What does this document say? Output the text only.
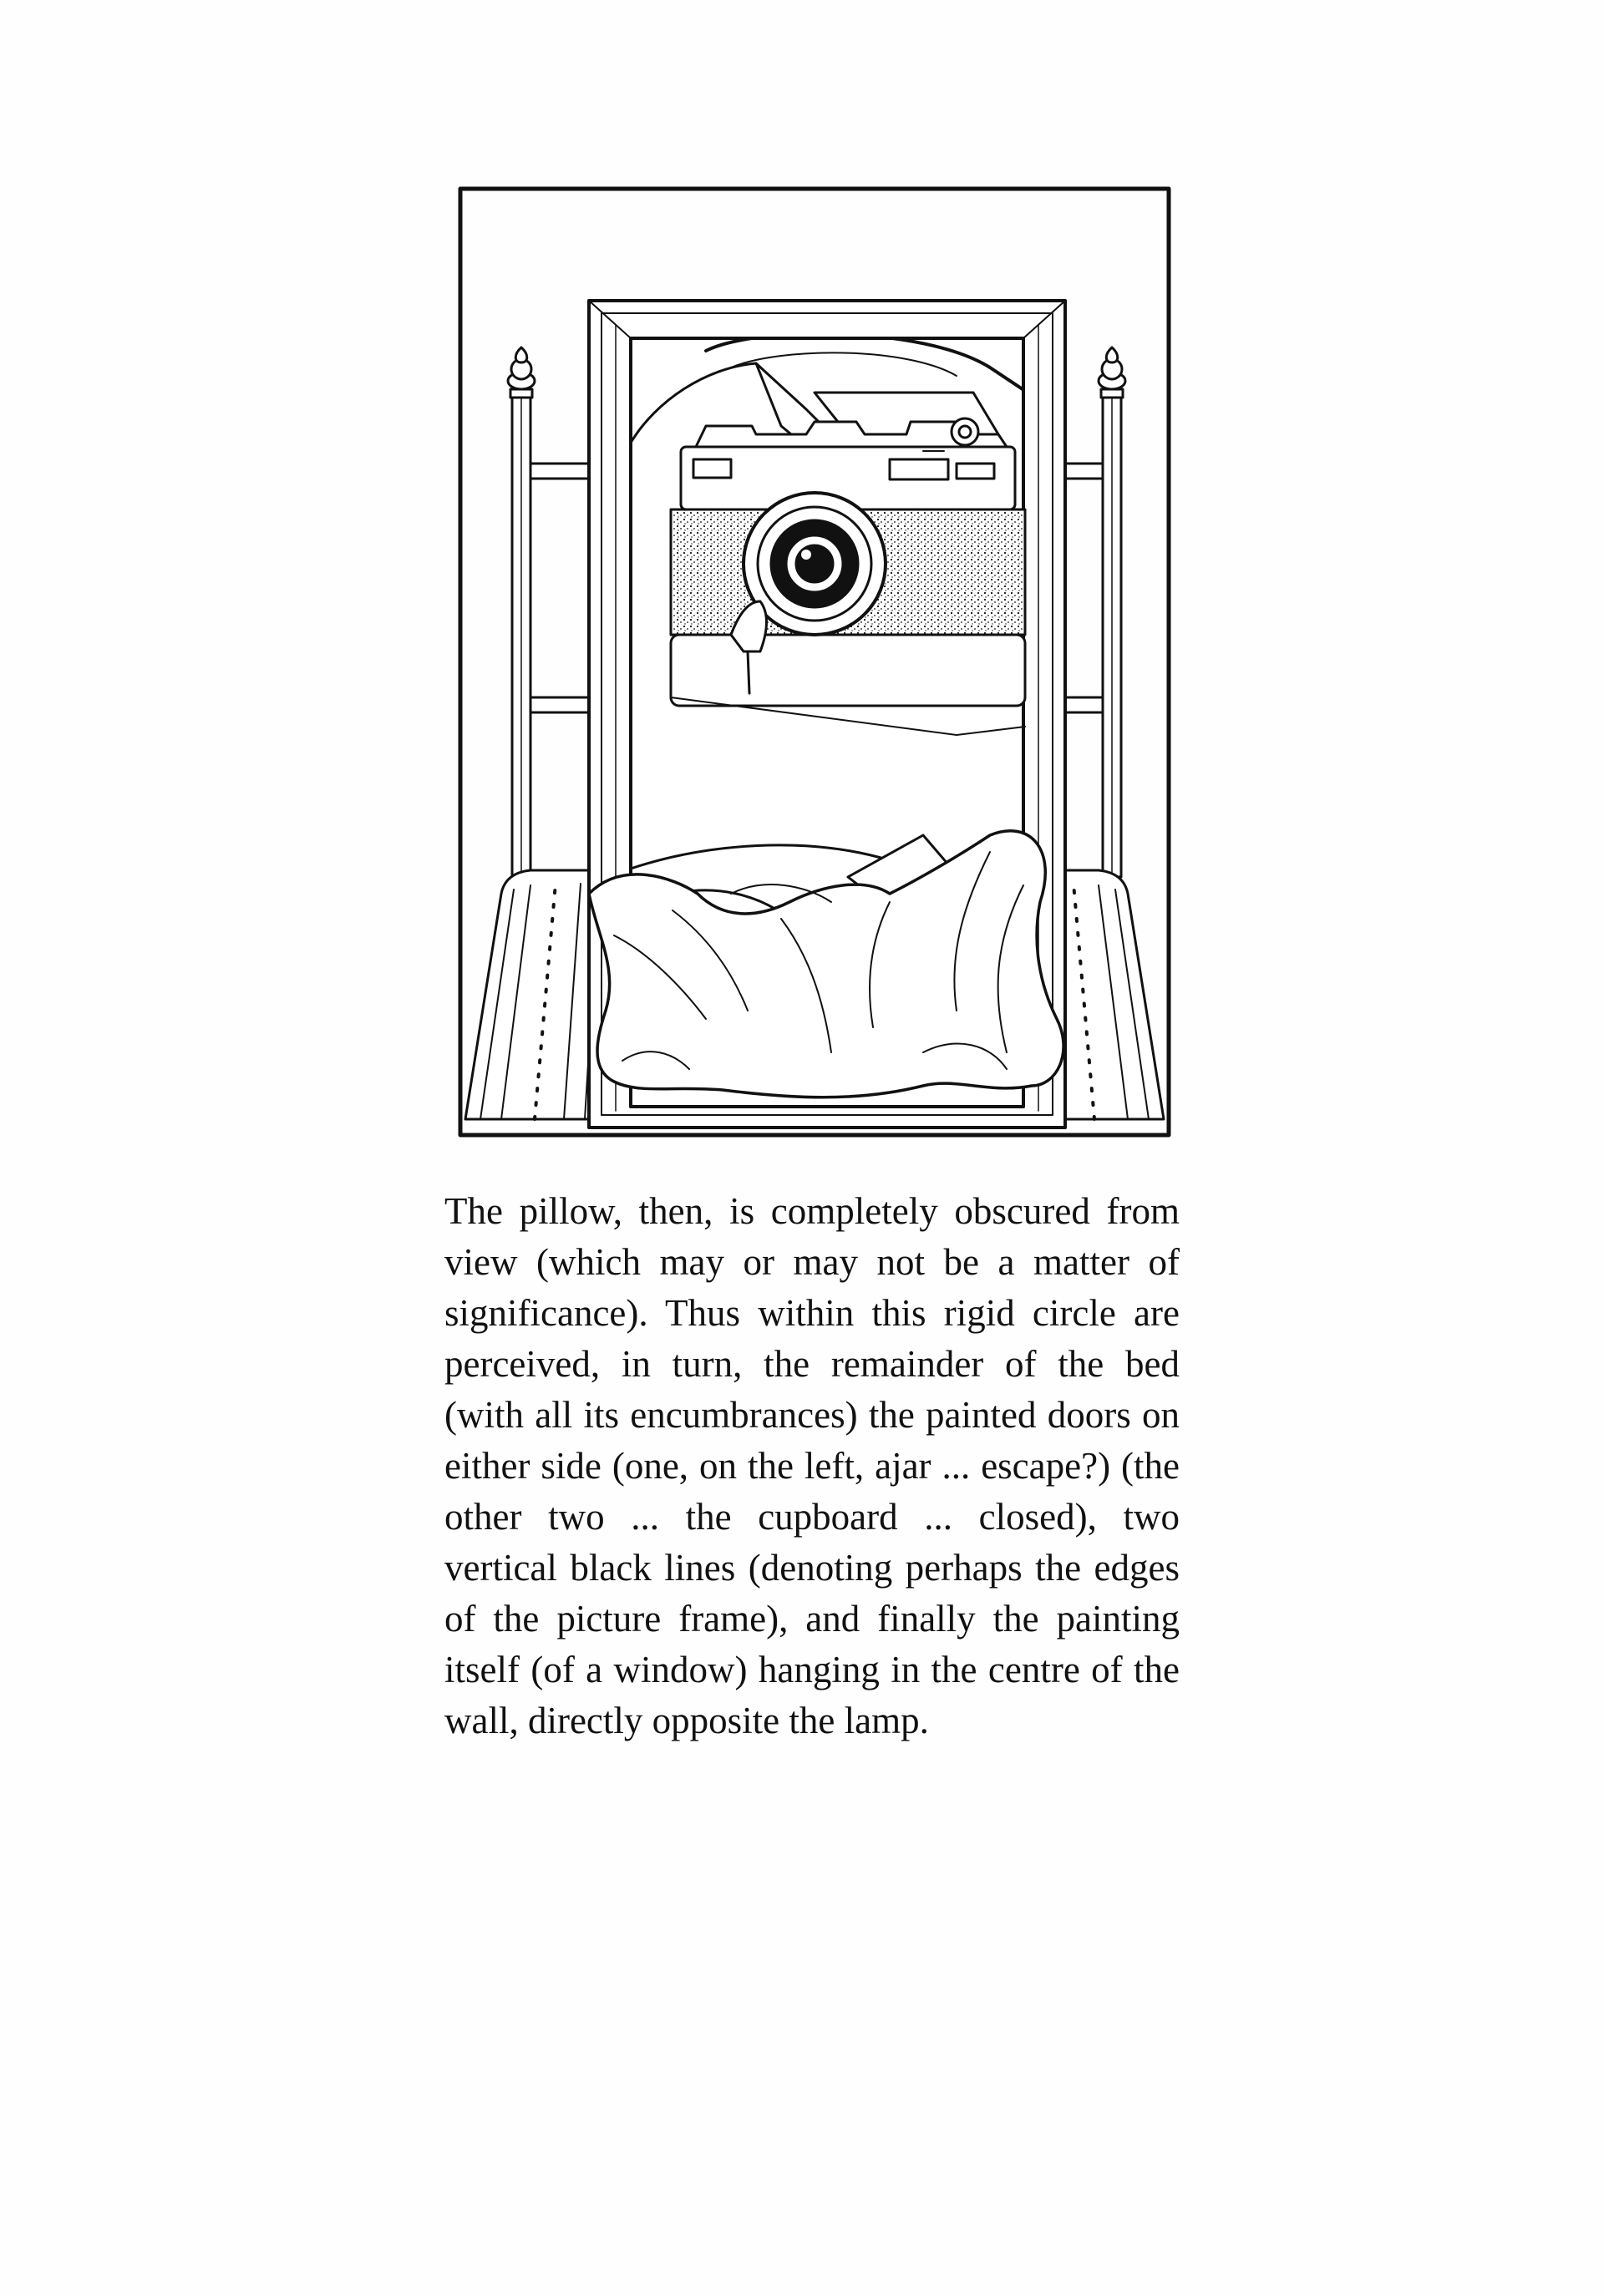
The pillow, then, is completely obscured from view (which may or may not be a matter of significance). Thus within this rigid circle are perceived, in turn, the remainder of the bed (with all its encumbrances) the painted doors on either side (one, on the left, ajar ... escape?) (the other two ... the cupboard ... closed), two vertical black lines (denoting perhaps the edges of the picture frame), and finally the painting itself (of a window) hanging in the centre of the wall, directly opposite the lamp.
